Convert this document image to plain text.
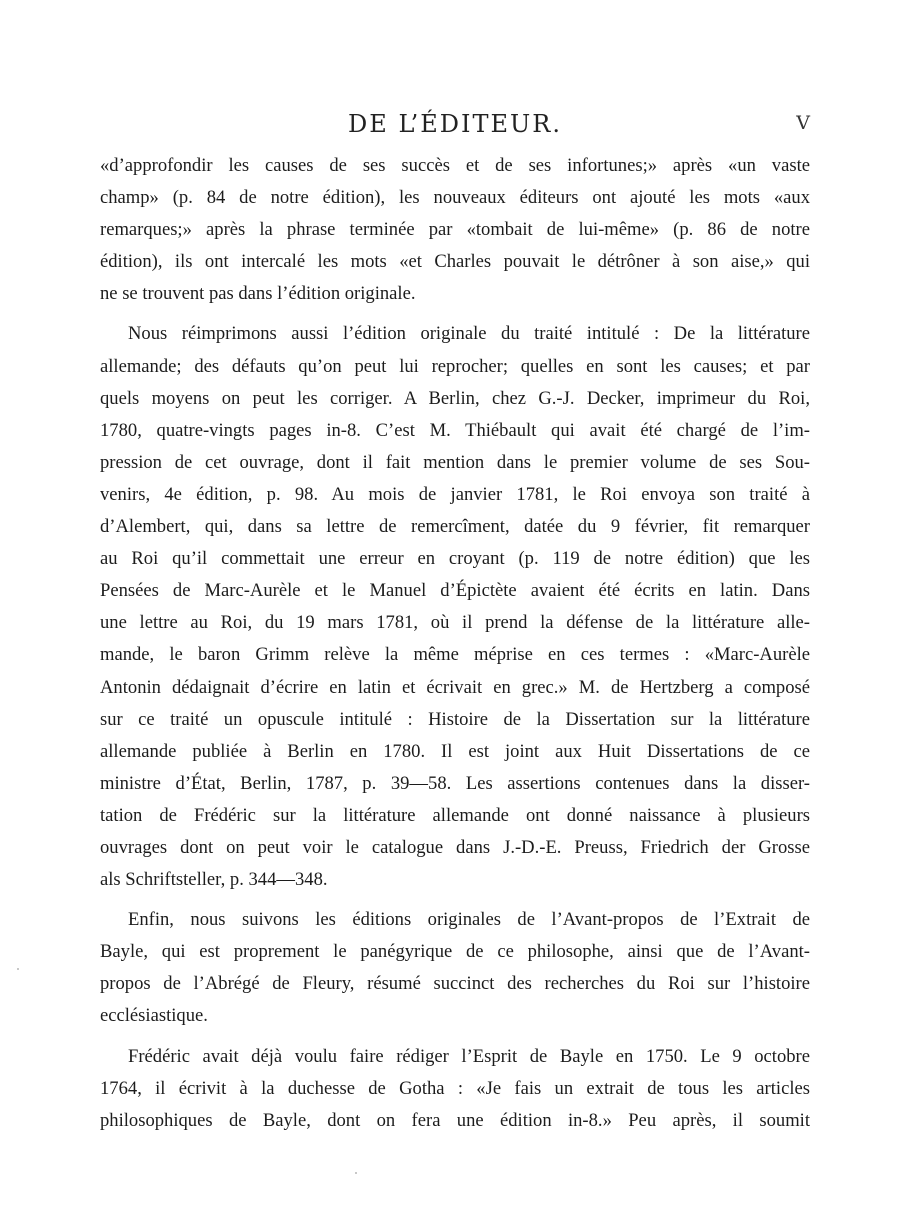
DE L’ÉDITEUR.	V
«d’approfondir les causes de ses succès et de ses infortunes;» après «un vaste
champ» (p. 84 de notre édition), les nouveaux éditeurs ont ajouté les mots «aux
remarques;» après la phrase terminée par «tombait de lui-même» (p. 86 de notre
édition), ils ont intercalé les mots «et Charles pouvait le détrôner à son aise,» qui
ne se trouvent pas dans l’édition originale.
Nous réimprimons aussi l’édition originale du traité intitulé : De la littérature
allemande; des défauts qu’on peut lui reprocher; quelles en sont les causes; et par
quels moyens on peut les corriger. A Berlin, chez G.-J. Decker, imprimeur du Roi,
1780, quatre-vingts pages in-8. C’est M. Thiébault qui avait été chargé de l’im-
pression de cet ouvrage, dont il fait mention dans le premier volume de ses Sou-
venirs, 4e édition, p. 98. Au mois de janvier 1781, le Roi envoya son traité à
d’Alembert, qui, dans sa lettre de remercîment, datée du 9 février, fit remarquer
au Roi qu’il commettait une erreur en croyant (p. 119 de notre édition) que les
Pensées de Marc-Aurèle et le Manuel d’Épictète avaient été écrits en latin. Dans
une lettre au Roi, du 19 mars 1781, où il prend la défense de la littérature alle-
mande, le baron Grimm relève la même méprise en ces termes : «Marc-Aurèle
Antonin dédaignait d’écrire en latin et écrivait en grec.» M. de Hertzberg a composé
sur ce traité un opuscule intitulé : Histoire de la Dissertation sur la littérature
allemande publiée à Berlin en 1780. Il est joint aux Huit Dissertations de ce
ministre d’État, Berlin, 1787, p. 39—58. Les assertions contenues dans la disser-
tation de Frédéric sur la littérature allemande ont donné naissance à plusieurs
ouvrages dont on peut voir le catalogue dans J.-D.-E. Preuss, Friedrich der Grosse
als Schriftsteller, p. 344—348.
Enfin, nous suivons les éditions originales de l’Avant-propos de l’Extrait de
Bayle, qui est proprement le panégyrique de ce philosophe, ainsi que de l’Avant-
propos de l’Abrégé de Fleury, résumé succinct des recherches du Roi sur l’histoire
ecclésiastique.
Frédéric avait déjà voulu faire rédiger l’Esprit de Bayle en 1750. Le 9 octobre
1764, il écrivit à la duchesse de Gotha : «Je fais un extrait de tous les articles
philosophiques de Bayle, dont on fera une édition in-8.» Peu après, il soumit
